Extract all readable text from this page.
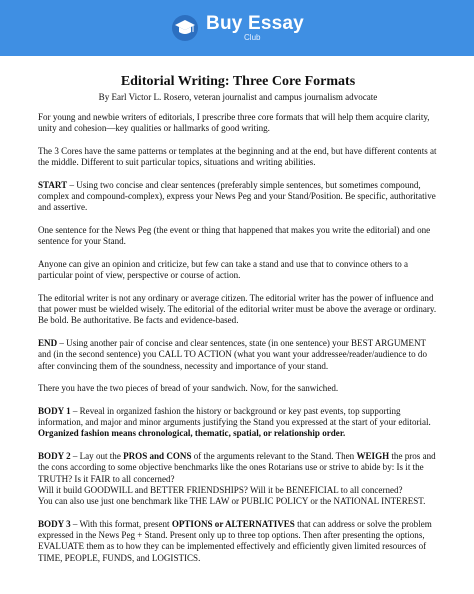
Buy Essay
Club
Editorial Writing: Three Core Formats
By Earl Victor L. Rosero, veteran journalist and campus journalism advocate

For young and newbie writers of editorials, I prescribe three core formats that will help them acquire clarity, unity and cohesion—key qualities or hallmarks of good writing.

The 3 Cores have the same patterns or templates at the beginning and at the end, but have different contents at the middle. Different to suit particular topics, situations and writing abilities.

START – Using two concise and clear sentences (preferably simple sentences, but sometimes compound, complex and compound-complex), express your News Peg and your Stand/Position. Be specific, authoritative and assertive.

One sentence for the News Peg (the event or thing that happened that makes you write the editorial) and one sentence for your Stand.

Anyone can give an opinion and criticize, but few can take a stand and use that to convince others to a particular point of view, perspective or course of action.

The editorial writer is not any ordinary or average citizen. The editorial writer has the power of influence and that power must be wielded wisely. The editorial of the editorial writer must be above the average or ordinary. Be bold. Be authoritative. Be facts and evidence-based.

END – Using another pair of concise and clear sentences, state (in one sentence) your BEST ARGUMENT and (in the second sentence) you CALL TO ACTION (what you want your addressee/reader/audience to do after convincing them of the soundness, necessity and importance of your stand.

There you have the two pieces of bread of your sandwich. Now, for the sanwiched.

BODY 1 – Reveal in organized fashion the history or background or key past events, top supporting information, and major and minor arguments justifying the Stand you expressed at the start of your editorial. Organized fashion means chronological, thematic, spatial, or relationship order.

BODY 2 – Lay out the PROS and CONS of the arguments relevant to the Stand. Then WEIGH the pros and the cons according to some objective benchmarks like the ones Rotarians use or strive to abide by: Is it the TRUTH? Is it FAIR to all concerned?
Will it build GOODWILL and BETTER FRIENDSHIPS? Will it be BENEFICIAL to all concerned?
You can also use just one benchmark like THE LAW or PUBLIC POLICY or the NATIONAL INTEREST.

BODY 3 – With this format, present OPTIONS or ALTERNATIVES that can address or solve the problem expressed in the News Peg + Stand. Present only up to three top options. Then after presenting the options, EVALUATE them as to how they can be implemented effectively and efficiently given limited resources of TIME, PEOPLE, FUNDS, and LOGISTICS.
